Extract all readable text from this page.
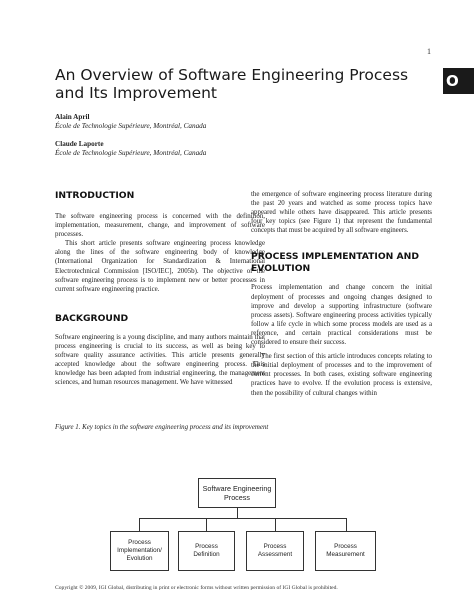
1
O
An Overview of Software Engineering Process
and Its Improvement
Alain April
École de Technologie Supérieure, Montréal, Canada
Claude Laporte
École de Technologie Supérieure, Montréal, Canada
INTRODUCTION

The software engineering process is concerned with the definition, implementation, measurement, change, and improvement of software processes.

This short article presents software engineering process knowledge along the lines of the software engineering body of knowledge (International Organization for Standardization & International Electrotechnical Commission [ISO/IEC], 2005b). The objective of the software engineering process is to implement new or better processes in current software engineering practice.

BACKGROUND

Software engineering is a young discipline, and many authors maintain that process engineering is crucial to its success, as well as being key to software quality assurance activities. This article presents generally accepted knowledge about the software engineering process. This knowledge has been adapted from industrial engineering, the management sciences, and human resources management. We have witnessed

the emergence of software engineering process literature during the past 20 years and watched as some process topics have appeared while others have disappeared. This article presents four key topics (see Figure 1) that represent the fundamental concepts that must be acquired by all software engineers.

PROCESS IMPLEMENTATION AND
EVOLUTION

Process implementation and change concern the initial deployment of processes and ongoing changes designed to improve and develop a supporting infrastructure (software process assets). Software engineering process activities typically follow a life cycle in which some process models are used as a reference, and certain practical considerations must be considered to ensure their success.

The first section of this article introduces concepts relating to the initial deployment of processes and to the improvement of current processes. In both cases, existing software engineering practices have to evolve. If the evolution process is extensive, then the possibility of cultural changes within

Figure 1. Key topics in the software engineering process and its improvement
Software Engineering
Process
Process
Implementation/
Evolution
Process
Definition
Process
Assessment
Process
Measurement
Copyright © 2009, IGI Global, distributing in print or electronic forms without written permission of IGI Global is prohibited.
